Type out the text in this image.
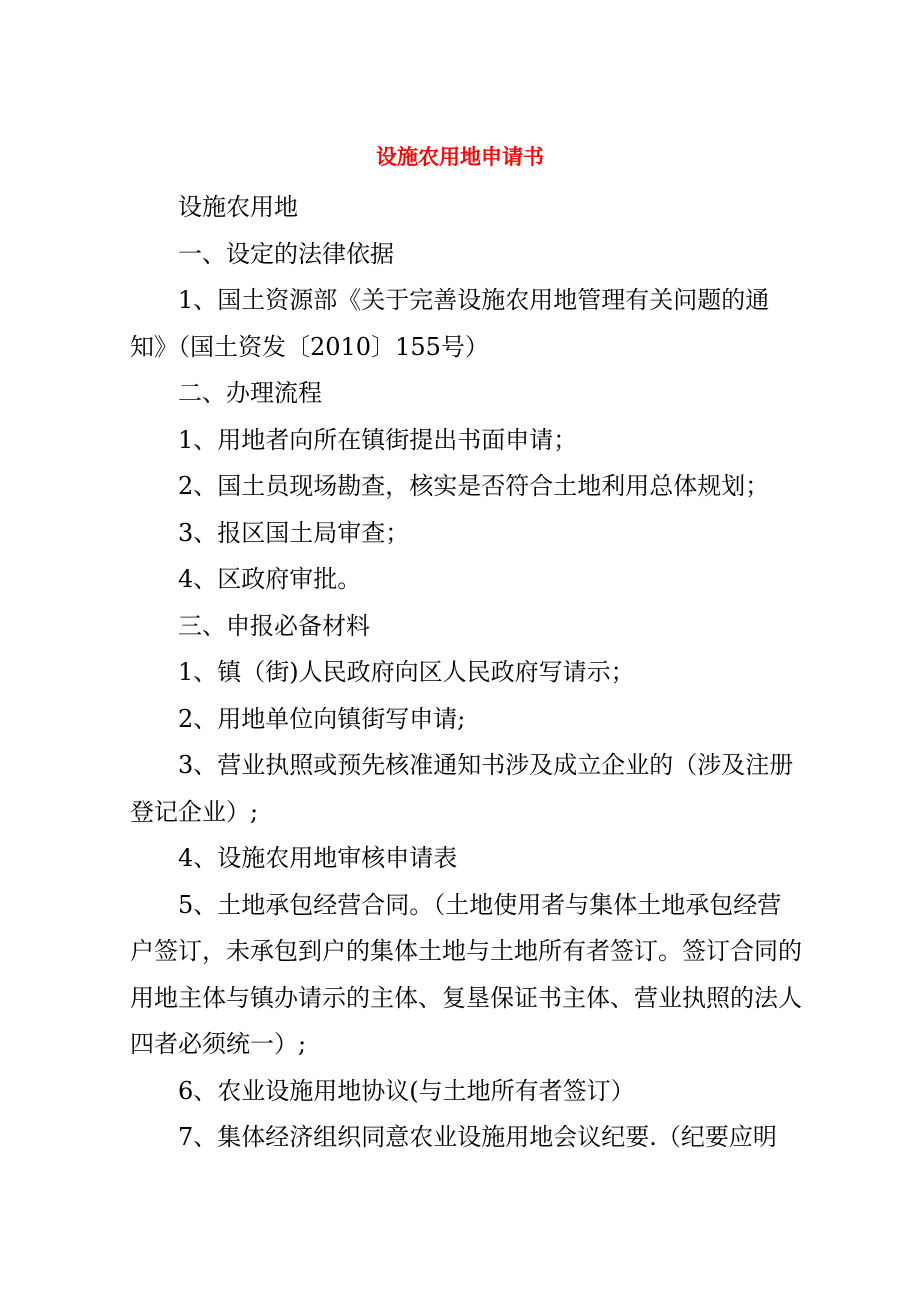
设施农用地申请书

设施农用地

一、设定的法律依据

1、国土资源部《关于完善设施农用地管理有关问题的通知》（国土资发〔2010〕155号）

二、办理流程

1、用地者向所在镇街提出书面申请；

2、国土员现场勘查，核实是否符合土地利用总体规划；

3、报区国土局审查；

4、区政府审批。

三、申报必备材料

1、镇（街)人民政府向区人民政府写请示；

2、用地单位向镇街写申请;

3、营业执照或预先核准通知书涉及成立企业的（涉及注册登记企业）;

4、设施农用地审核申请表

5、土地承包经营合同。（土地使用者与集体土地承包经营户签订，未承包到户的集体土地与土地所有者签订。签订合同的用地主体与镇办请示的主体、复垦保证书主体、营业执照的法人四者必须统一）;

6、农业设施用地协议(与土地所有者签订）

7、集体经济组织同意农业设施用地会议纪要.（纪要应明
